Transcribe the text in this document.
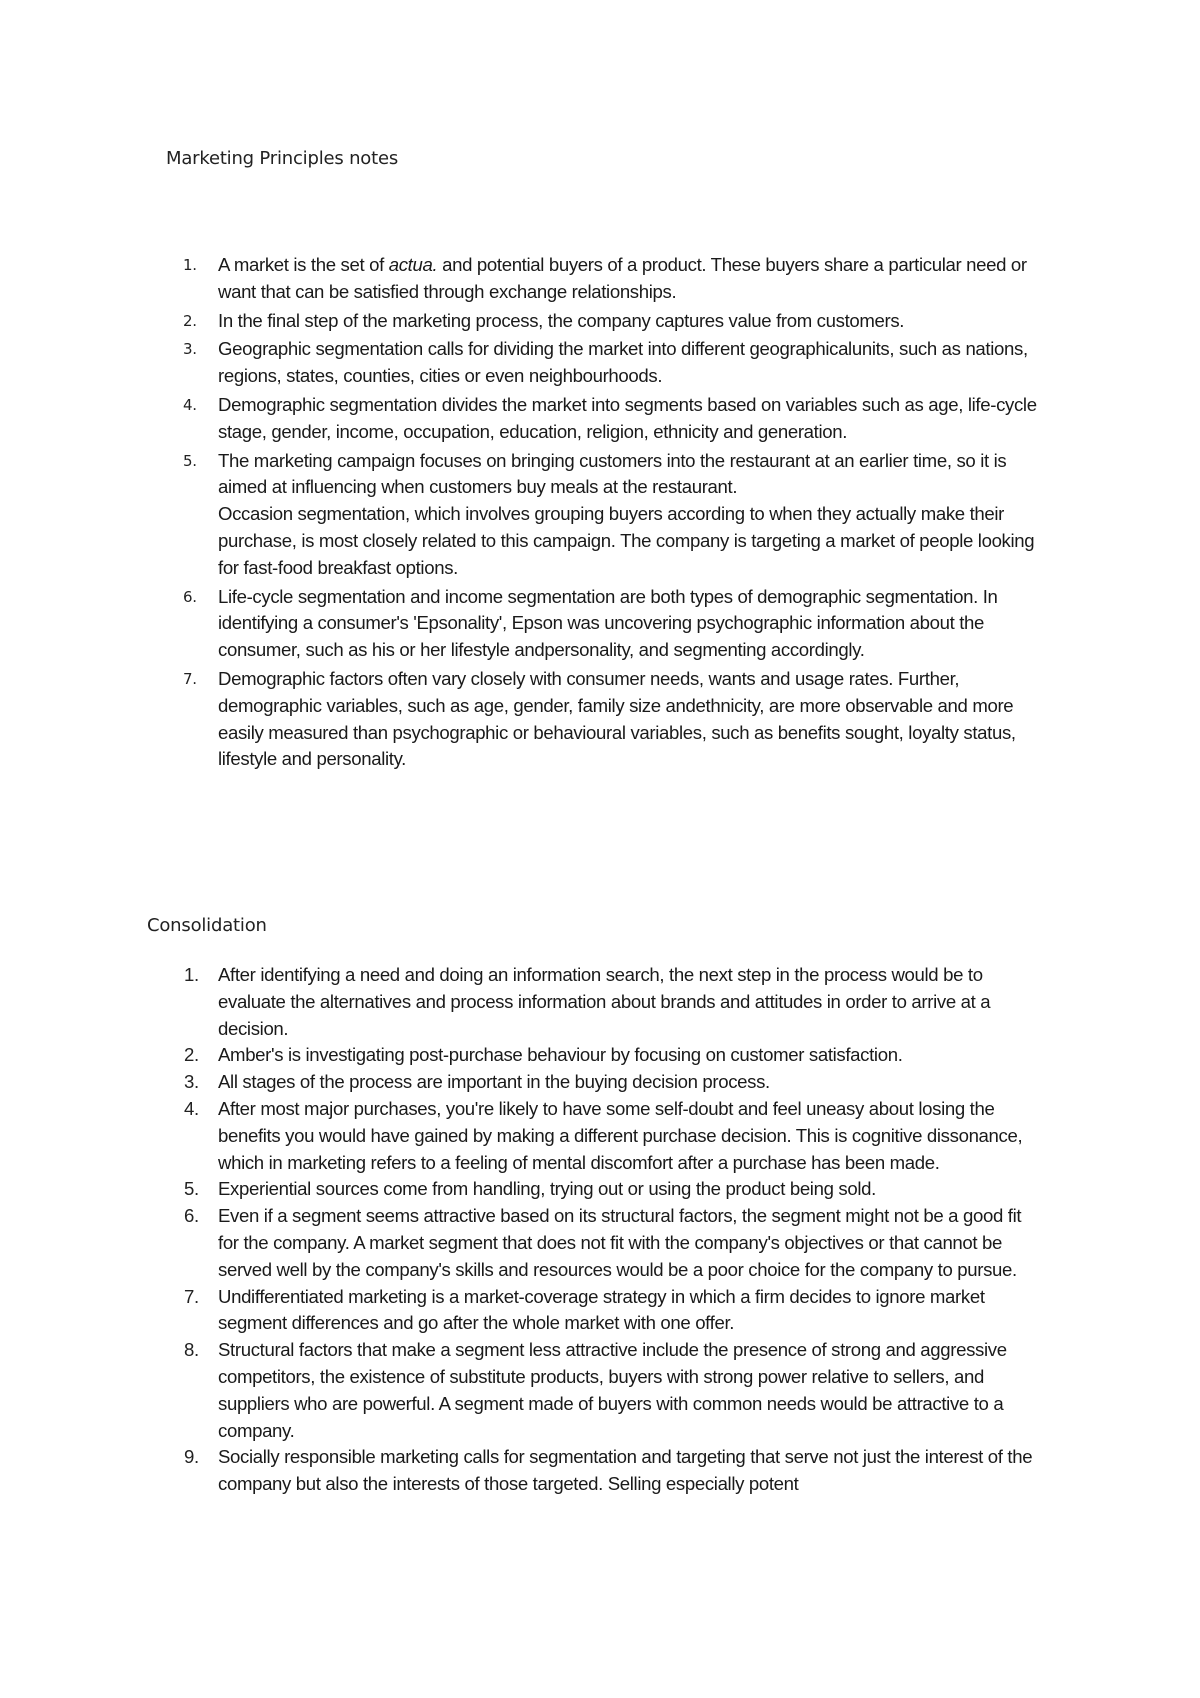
Marketing Principles notes
1. A market is the set of actua. and potential buyers of a product. These buyers share a particular need or want that can be satisfied through exchange relationships.
2. In the final step of the marketing process, the company captures value from customers.
3. Geographic segmentation calls for dividing the market into different geographicalunits, such as nations, regions, states, counties, cities or even neighbourhoods.
4. Demographic segmentation divides the market into segments based on variables such as age, life-cycle stage, gender, income, occupation, education, religion, ethnicity and generation.
5. The marketing campaign focuses on bringing customers into the restaurant at an earlier time, so it is aimed at influencing when customers buy meals at the restaurant.
Occasion segmentation, which involves grouping buyers according to when they actually make their purchase, is most closely related to this campaign. The company is targeting a market of people looking for fast-food breakfast options.
6. Life-cycle segmentation and income segmentation are both types of demographic segmentation. In identifying a consumer's 'Epsonality', Epson was uncovering psychographic information about the consumer, such as his or her lifestyle andpersonality, and segmenting accordingly.
7. Demographic factors often vary closely with consumer needs, wants and usage rates. Further, demographic variables, such as age, gender, family size andethnicity, are more observable and more easily measured than psychographic or behavioural variables, such as benefits sought, loyalty status, lifestyle and personality.
Consolidation
1. After identifying a need and doing an information search, the next step in the process would be to evaluate the alternatives and process information about brands and attitudes in order to arrive at a decision.
2. Amber's is investigating post-purchase behaviour by focusing on customer satisfaction.
3. All stages of the process are important in the buying decision process.
4. After most major purchases, you're likely to have some self-doubt and feel uneasy about losing the benefits you would have gained by making a different purchase decision. This is cognitive dissonance, which in marketing refers to a feeling of mental discomfort after a purchase has been made.
5. Experiential sources come from handling, trying out or using the product being sold.
6. Even if a segment seems attractive based on its structural factors, the segment might not be a good fit for the company. A market segment that does not fit with the company's objectives or that cannot be served well by the company's skills and resources would be a poor choice for the company to pursue.
7. Undifferentiated marketing is a market-coverage strategy in which a firm decides to ignore market segment differences and go after the whole market with one offer.
8. Structural factors that make a segment less attractive include the presence of strong and aggressive competitors, the existence of substitute products, buyers with strong power relative to sellers, and suppliers who are powerful. A segment made of buyers with common needs would be attractive to a company.
9. Socially responsible marketing calls for segmentation and targeting that serve not just the interest of the company but also the interests of those targeted. Selling especially potent
